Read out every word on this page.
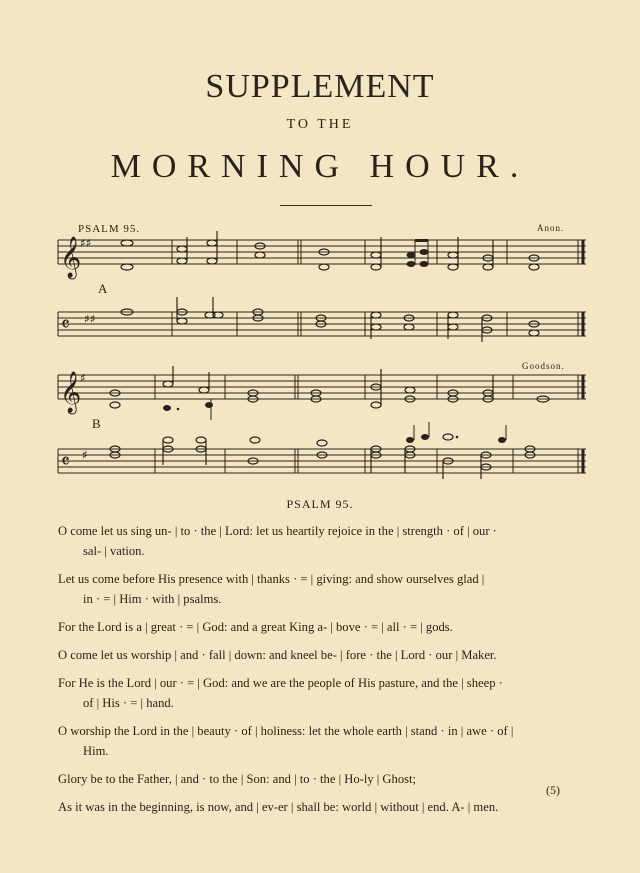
SUPPLEMENT
TO THE
MORNING HOUR.
PSALM 95.	Anon.
A
Goodson.
B
𝄞
𝄞
𝄴
𝄴
♯♯
♯
♯♯
♯
PSALM 95.
O come let us sing un- | to · the | Lord: let us heartily rejoice in the | strength · of | our ·
sal- | vation.
Let us come before His presence with | thanks · = | giving: and show ourselves glad |
in · = | Him · with | psalms.
For the Lord is a | great · = | God: and a great King a- | bove · = | all · = | gods.
O come let us worship | and · fall | down: and kneel be- | fore · the | Lord · our | Maker.
For He is the Lord | our · = | God: and we are the people of His pasture, and the | sheep ·
of | His · = | hand.
O worship the Lord in the | beauty · of | holiness: let the whole earth | stand · in | awe · of |
Him.
Glory be to the Father, | and · to the | Son: and | to · the | Ho-ly | Ghost;
As it was in the beginning, is now, and | ev-er | shall be: world | without | end. A- | men.
(5)
